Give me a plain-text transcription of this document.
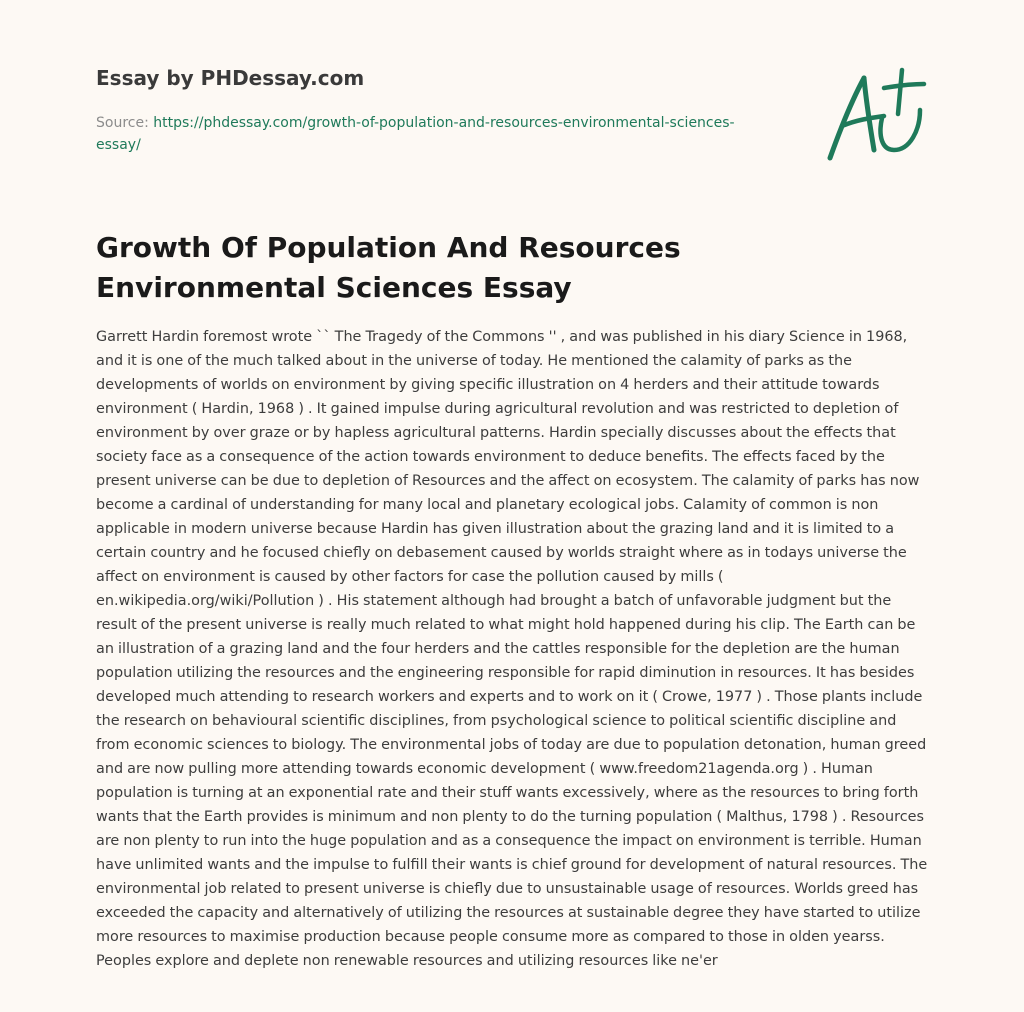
Essay by PHDessay.com
Source: https://phdessay.com/growth-of-population-and-resources-environmental-sciences-essay/
Growth Of Population And Resources Environmental Sciences Essay

Garrett Hardin foremost wrote `` The Tragedy of the Commons '' , and was published in his diary Science in 1968, and it is one of the much talked about in the universe of today. He mentioned the calamity of parks as the developments of worlds on environment by giving specific illustration on 4 herders and their attitude towards environment ( Hardin, 1968 ) . It gained impulse during agricultural revolution and was restricted to depletion of environment by over graze or by hapless agricultural patterns. Hardin specially discusses about the effects that society face as a consequence of the action towards environment to deduce benefits. The effects faced by the present universe can be due to depletion of Resources and the affect on ecosystem. The calamity of parks has now become a cardinal of understanding for many local and planetary ecological jobs. Calamity of common is non applicable in modern universe because Hardin has given illustration about the grazing land and it is limited to a certain country and he focused chiefly on debasement caused by worlds straight where as in todays universe the affect on environment is caused by other factors for case the pollution caused by mills ( en.wikipedia.org/wiki/Pollution ) . His statement although had brought a batch of unfavorable judgment but the result of the present universe is really much related to what might hold happened during his clip. The Earth can be an illustration of a grazing land and the four herders and the cattles responsible for the depletion are the human population utilizing the resources and the engineering responsible for rapid diminution in resources. It has besides developed much attending to research workers and experts and to work on it ( Crowe, 1977 ) . Those plants include the research on behavioural scientific disciplines, from psychological science to political scientific discipline and from economic sciences to biology. The environmental jobs of today are due to population detonation, human greed and are now pulling more attending towards economic development ( www.freedom21agenda.org ) . Human population is turning at an exponential rate and their stuff wants excessively, where as the resources to bring forth wants that the Earth provides is minimum and non plenty to do the turning population ( Malthus, 1798 ) . Resources are non plenty to run into the huge population and as a consequence the impact on environment is terrible. Human have unlimited wants and the impulse to fulfill their wants is chief ground for development of natural resources. The environmental job related to present universe is chiefly due to unsustainable usage of resources. Worlds greed has exceeded the capacity and alternatively of utilizing the resources at sustainable degree they have started to utilize more resources to maximise production because people consume more as compared to those in olden yearss. Peoples explore and deplete non renewable resources and utilizing resources like ne'er
